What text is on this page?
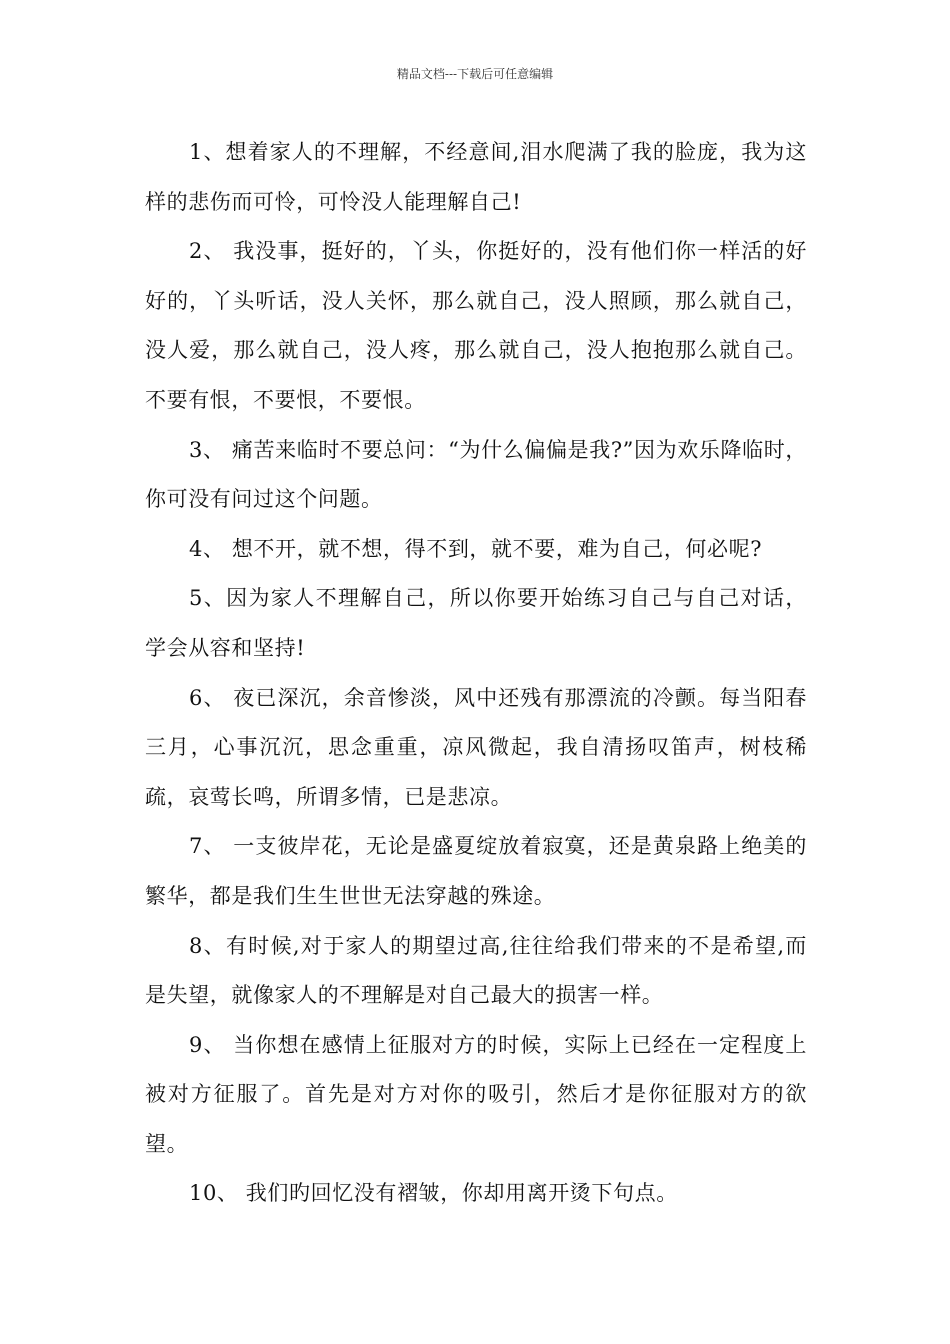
精品文档---下载后可任意编辑

1、想着家人的不理解，不经意间,泪水爬满了我的脸庞，我为这样的悲伤而可怜，可怜没人能理解自己!

2、 我没事，挺好的，丫头，你挺好的，没有他们你一样活的好好的，丫头听话，没人关怀，那么就自己，没人照顾，那么就自己，没人爱，那么就自己，没人疼，那么就自己，没人抱抱那么就自己。不要有恨，不要恨，不要恨。

3、 痛苦来临时不要总问：“为什么偏偏是我?”因为欢乐降临时，你可没有问过这个问题。

4、 想不开，就不想，得不到，就不要，难为自己，何必呢?

5、因为家人不理解自己，所以你要开始练习自己与自己对话，学会从容和坚持!

6、 夜已深沉，余音惨淡，风中还残有那漂流的冷颤。每当阳春三月，心事沉沉，思念重重，凉风微起，我自清扬叹笛声，树枝稀疏，哀莺长鸣，所谓多情，已是悲凉。

7、 一支彼岸花，无论是盛夏绽放着寂寞，还是黄泉路上绝美的繁华，都是我们生生世世无法穿越的殊途。

8、有时候,对于家人的期望过高,往往给我们带来的不是希望,而是失望，就像家人的不理解是对自己最大的损害一样。

9、 当你想在感情上征服对方的时候，实际上已经在一定程度上被对方征服了。首先是对方对你的吸引，然后才是你征服对方的欲望。

10、 我们旳回忆没有褶皱，你却用离开烫下句点。
